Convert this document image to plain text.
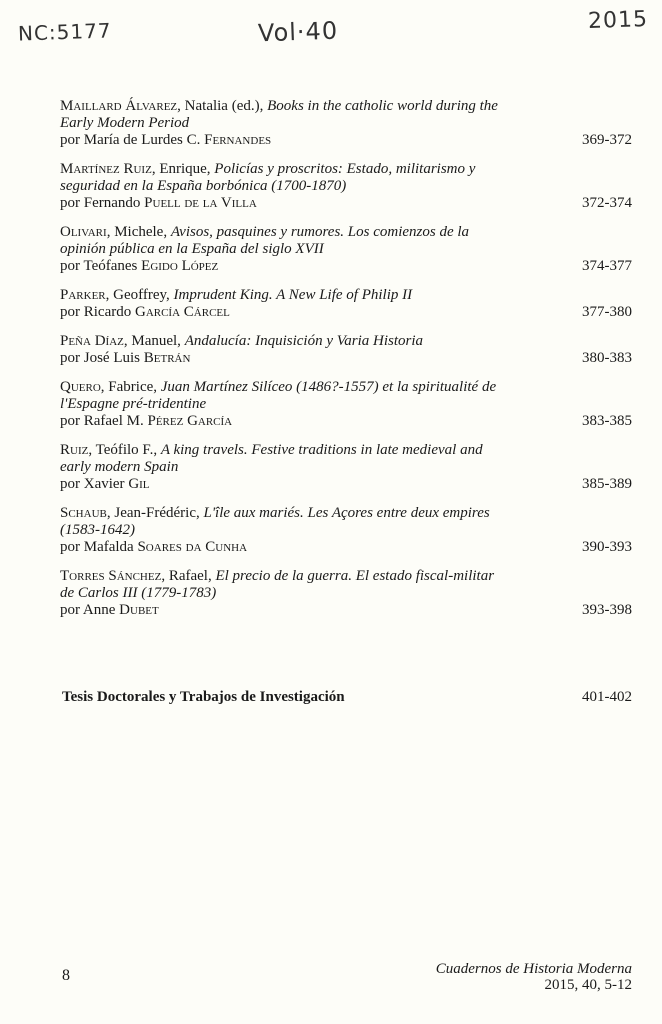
NC:5177	Vol·40	2015
Maillard Álvarez, Natalia (ed.), Books in the catholic world during the Early Modern Period
por María de Lurdes C. Fernandes	369-372
Martínez Ruiz, Enrique, Policías y proscritos: Estado, militarismo y seguridad en la España borbónica (1700-1870)
por Fernando Puell de la Villa	372-374
Olivari, Michele, Avisos, pasquines y rumores. Los comienzos de la opinión pública en la España del siglo XVII
por Teófanes Egido López	374-377
Parker, Geoffrey, Imprudent King. A New Life of Philip II
por Ricardo García Cárcel	377-380
Peña Díaz, Manuel, Andalucía: Inquisición y Varia Historia
por José Luis Betrán	380-383
Quero, Fabrice, Juan Martínez Silíceo (1486?-1557) et la spiritualité de l'Espagne pré-tridentine
por Rafael M. Pérez García	383-385
Ruiz, Teófilo F., A king travels. Festive traditions in late medieval and early modern Spain
por Xavier Gil	385-389
Schaub, Jean-Frédéric, L'île aux mariés. Les Açores entre deux empires (1583-1642)
por Mafalda Soares da Cunha	390-393
Torres Sánchez, Rafael, El precio de la guerra. El estado fiscal-militar de Carlos III (1779-1783)
por Anne Dubet	393-398
Tesis Doctorales y Trabajos de Investigación	401-402
8	Cuadernos de Historia Moderna
2015, 40, 5-12
